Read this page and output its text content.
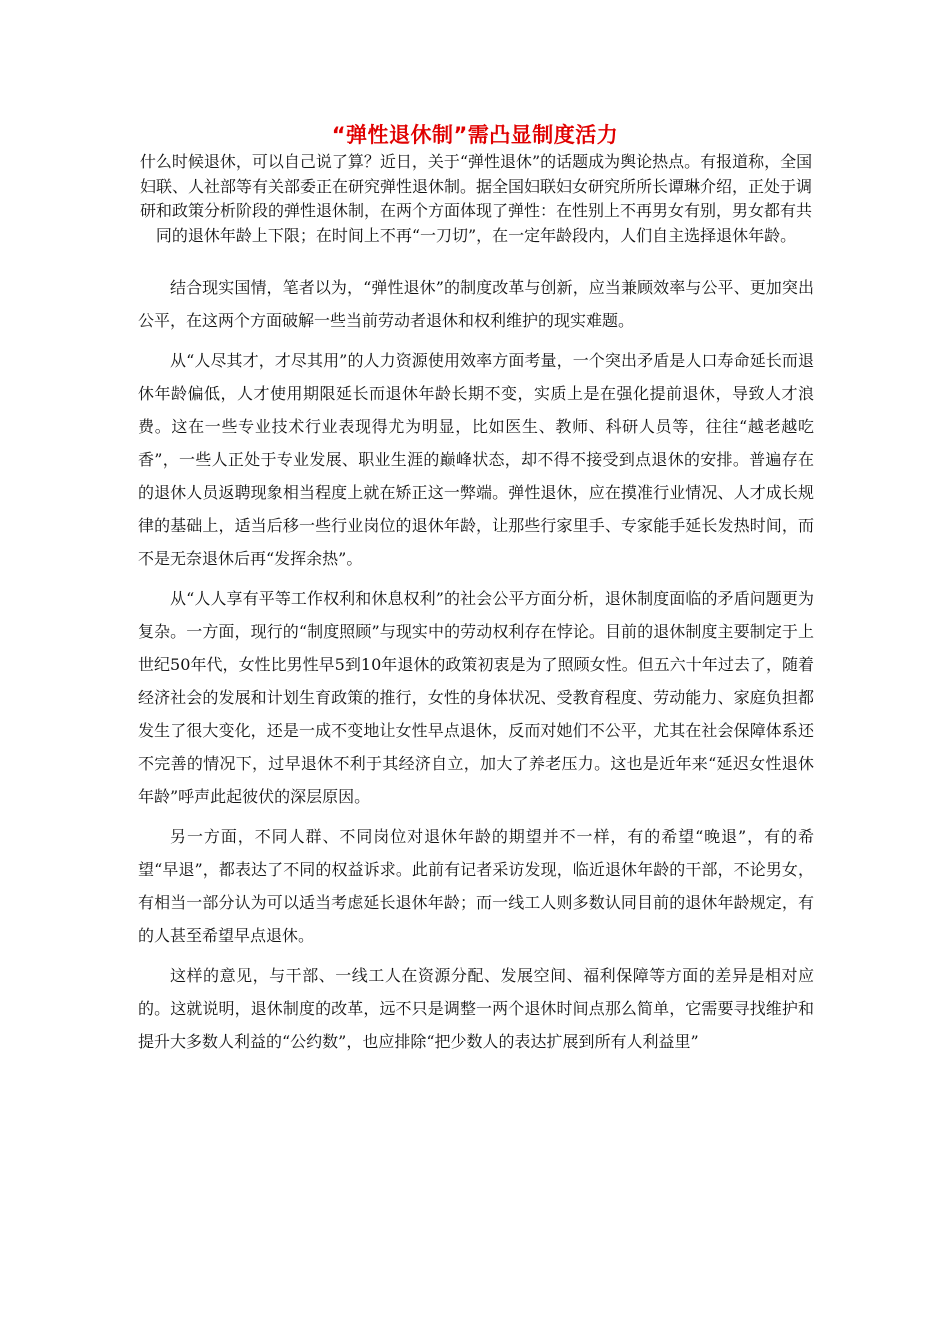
“弹性退休制”需凸显制度活力
什么时候退休，可以自己说了算？近日，关于“弹性退休”的话题成为舆论热点。有报道称，全国妇联、人社部等有关部委正在研究弹性退休制。据全国妇联妇女研究所所长谭琳介绍，正处于调研和政策分析阶段的弹性退休制，在两个方面体现了弹性：在性别上不再男女有别，男女都有共同的退休年龄上下限；在时间上不再“一刀切”，在一定年龄段内，人们自主选择退休年龄。

结合现实国情，笔者以为，“弹性退休”的制度改革与创新，应当兼顾效率与公平、更加突出公平，在这两个方面破解一些当前劳动者退休和权利维护的现实难题。

从“人尽其才，才尽其用”的人力资源使用效率方面考量，一个突出矛盾是人口寿命延长而退休年龄偏低，人才使用期限延长而退休年龄长期不变，实质上是在强化提前退休，导致人才浪费。这在一些专业技术行业表现得尤为明显，比如医生、教师、科研人员等，往往“越老越吃香”，一些人正处于专业发展、职业生涯的巅峰状态，却不得不接受到点退休的安排。普遍存在的退休人员返聘现象相当程度上就在矫正这一弊端。弹性退休，应在摸准行业情况、人才成长规律的基础上，适当后移一些行业岗位的退休年龄，让那些行家里手、专家能手延长发热时间，而不是无奈退休后再“发挥余热”。

从“人人享有平等工作权利和休息权利”的社会公平方面分析，退休制度面临的矛盾问题更为复杂。一方面，现行的“制度照顾”与现实中的劳动权利存在悖论。目前的退休制度主要制定于上世纪50年代，女性比男性早5到10年退休的政策初衷是为了照顾女性。但五六十年过去了，随着经济社会的发展和计划生育政策的推行，女性的身体状况、受教育程度、劳动能力、家庭负担都发生了很大变化，还是一成不变地让女性早点退休，反而对她们不公平，尤其在社会保障体系还不完善的情况下，过早退休不利于其经济自立，加大了养老压力。这也是近年来“延迟女性退休年龄”呼声此起彼伏的深层原因。

另一方面，不同人群、不同岗位对退休年龄的期望并不一样，有的希望“晚退”，有的希望“早退”，都表达了不同的权益诉求。此前有记者采访发现，临近退休年龄的干部，不论男女，有相当一部分认为可以适当考虑延长退休年龄；而一线工人则多数认同目前的退休年龄规定，有的人甚至希望早点退休。

这样的意见，与干部、一线工人在资源分配、发展空间、福利保障等方面的差异是相对应的。这就说明，退休制度的改革，远不只是调整一两个退休时间点那么简单，它需要寻找维护和提升大多数人利益的“公约数”，也应排除“把少数人的表达扩展到所有人利益里”
